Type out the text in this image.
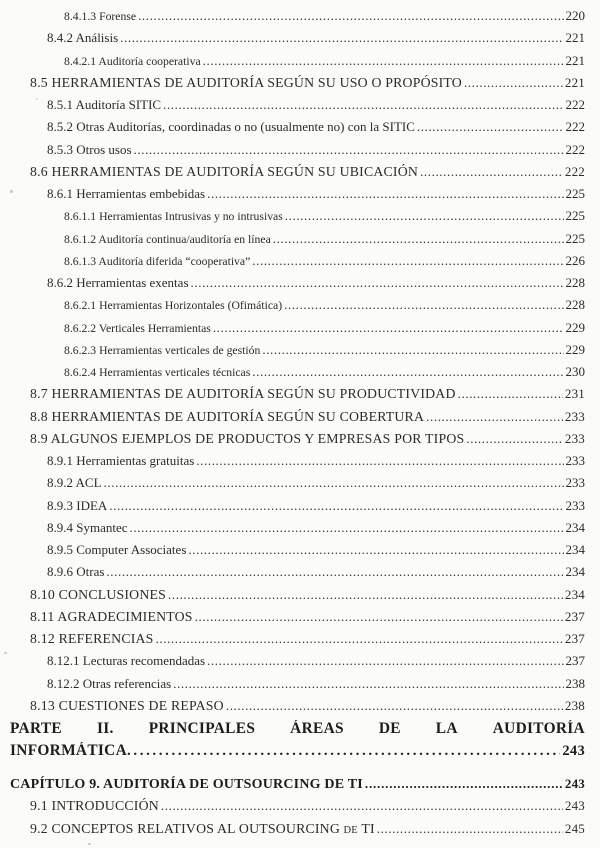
8.4.1.3 Forense .....	220
8.4.2 Análisis .....	221
8.4.2.1 Auditoría cooperativa .....	221
8.5 HERRAMIENTAS DE AUDITORÍA SEGÚN SU USO O PROPÓSITO .....	221
8.5.1 Auditoría SITIC .....	222
8.5.2 Otras Auditorías, coordinadas o no (usualmente no) con la SITIC .....	222
8.5.3 Otros usos .....	222
8.6 HERRAMIENTAS DE AUDITORÍA SEGÚN SU UBICACIÓN .....	222
8.6.1 Herramientas embebidas .....	225
8.6.1.1 Herramientas Intrusivas y no intrusivas .....	225
8.6.1.2 Auditoría continua/auditoría en línea .....	225
8.6.1.3 Auditoría diferida “cooperativa” .....	226
8.6.2 Herramientas exentas .....	228
8.6.2.1 Herramientas Horizontales (Ofimática) .....	228
8.6.2.2 Verticales Herramientas .....	229
8.6.2.3 Herramientas verticales de gestión .....	229
8.6.2.4 Herramientas verticales técnicas .....	230
8.7 HERRAMIENTAS DE AUDITORÍA SEGÚN SU PRODUCTIVIDAD .....	231
8.8 HERRAMIENTAS DE AUDITORÍA SEGÚN SU COBERTURA .....	233
8.9 ALGUNOS EJEMPLOS DE PRODUCTOS Y EMPRESAS POR TIPOS .....	233
8.9.1 Herramientas gratuitas .....	233
8.9.2 ACL .....	233
8.9.3 IDEA .....	233
8.9.4 Symantec .....	234
8.9.5 Computer Associates .....	234
8.9.6 Otras .....	234
8.10 CONCLUSIONES .....	234
8.11 AGRADECIMIENTOS .....	237
8.12 REFERENCIAS .....	237
8.12.1 Lecturas recomendadas .....	237
8.12.2 Otras referencias .....	238
8.13 CUESTIONES DE REPASO .....	238
PARTE II. PRINCIPALES ÁREAS DE LA AUDITORÍA
INFORMÁTICA .....	243
CAPÍTULO 9. AUDITORÍA DE OUTSOURCING DE TI .....	243
9.1 INTRODUCCIÓN .....	243
9.2 CONCEPTOS RELATIVOS AL OUTSOURCING DE TI .....	245
